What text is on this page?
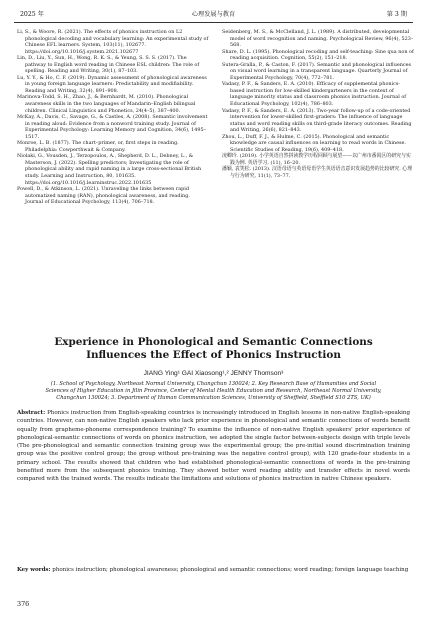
2025 年	心理发展与教育	第 3 期

Li, S., & Woore, R. (2021). The effects of phonics instruction on L2 phonological decoding and vocabulary learning: An experimental study of Chinese EFL learners. System, 103(11), 102677. https://doi.org/10.1016/j.system.2021.102677

Lin, D., Liu, Y., Sun, H., Wong, R. K. S., & Yeung, S. S. S. (2017). The pathway to English word reading in Chinese ESL children: The role of spelling. Reading and Writing, 30(1), 87–103.

Lu, Y. Y., & Ho, C. F. (2019). Dynamic assessment of phonological awareness in young foreign language learners: Predictability and modifiability. Reading and Writing, 32(4), 891–908.

Marinova-Todd, S. H., Zhao, J., & Bernhardt, M. (2010). Phonological awareness skills in the two languages of Mandarin–English bilingual children. Clinical Linguistics and Phonetics, 24(4–5), 387–400.

McKay, A., Davis, C., Savage, G., & Castles, A. (2008). Semantic involvement in reading aloud: Evidence from a nonword training study. Journal of Experimental Psychology: Learning Memory and Cognition, 34(6), 1495–1517.

Monroe, L. B. (1877). The chart–primer, or, first steps in reading. Philadelphia: Cowperthwait & Company.

Niolaki, G., Vousden, J., Terzopoulos, A., Shepherd, D. L., Debney, L., & Masterson, J. (2022). Spelling predictors; Investigating the role of phonological ability and rapid naming in a large cross-sectional British study. Learning and Instruction, 80, 101635. https://doi.org/10.1016/j.learninstruc.2022.101635

Powell, D., & Atkinson, L. (2021). Unraveling the links between rapid automatized naming (RAN), phonological awareness, and reading. Journal of Educational Psychology, 113(4), 706–718.

Seidenberg, M. S., & McClelland, J. L. (1989). A distributed, developmental model of word recognition and naming. Psychological Review, 96(4), 523–568.

Share, D. L. (1995). Phonological recoding and self-teaching: Sine qua non of reading acquisition. Cognition, 55(2), 151–218.

Sutera-Gralla, P., & Caston, F. (2017). Semantic and phonological influences on visual word learning in a transparent language. Quarterly Journal of Experimental Psychology, 70(4), 772–781.

Vadasy, P. F., & Sanders, E. A. (2010). Efficacy of supplemental phonics-based instruction for low-skilled kindergarteners in the context of language minority status and classroom phonics instruction. Journal of Educational Psychology, 102(4), 786–803.

Vadasy, P. F., & Sanders, E. A. (2013). Two-year follow-up of a code-oriented intervention for lower-skilled first-graders: The influence of language status and word reading skills on third-grade literacy outcomes. Reading and Writing, 26(6), 821–843.

Zhou, L., Duff, F. J., & Hulme, C. (2015). Phonological and semantic knowledge are causal influences on learning to read words in Chinese. Scientific Studies of Reading, 19(6), 409–418.

凌卿玲. (2019). 小学英语自然拼读教学历程回顾与展望——以广州市番禺区的研究与实践为例. 英语学习, (11), 16–20.

潘颖, 袁笑松. (2013). 汉语母语与英语母语学生英语语音意识发展趋势的比较研究. 心理与行为研究, 11(1), 73–77.

Experience in Phonological and Semantic Connections
Influences the Effect of Phonics Instruction
JIANG Ying¹ GAI Xiaosong¹,² JENNY Thomson³
(1. School of Psychology, Northeast Normal University, Changchun 130024; 2. Key Research Base of Humanities and Social
Sciences of Higher Education in Jilin Province, Center of Mental Health Education and Research, Northeast Normal University,
Changchun 130024; 3. Department of Human Communication Sciences, University of Sheffield, Sheffield S10 2TS, UK)
Abstract: Phonics instruction from English-speaking countries is increasingly introduced in English lessons in non-native English-speaking countries. However, can non-native English speakers who lack prior experience in phonological and semantic connections of words benefit equally from grapheme-phoneme correspondence training? To examine the influence of non-native English speakers' prior experience of phonological-semantic connections of words on phonics instruction, we adopted the single factor between-subjects design with triple levels (The pre-phonological and semantic connection training group was the experimental group; the pre-initial sound discrimination training group was the positive control group; the group without pre-training was the negative control group), with 120 grade-four students in a primary school. The results showed that children who had established phonological-semantic connections of words in the pre-training benefited more from the subsequent phonics training. They showed better word reading ability and transfer effects in novel words compared with the trained words. The results indicate the limitations and solutions of phonics instruction in native Chinese speakers.
Key words: phonics instruction; phonological awareness; phonological and semantic connections; word reading; foreign language teaching
376
